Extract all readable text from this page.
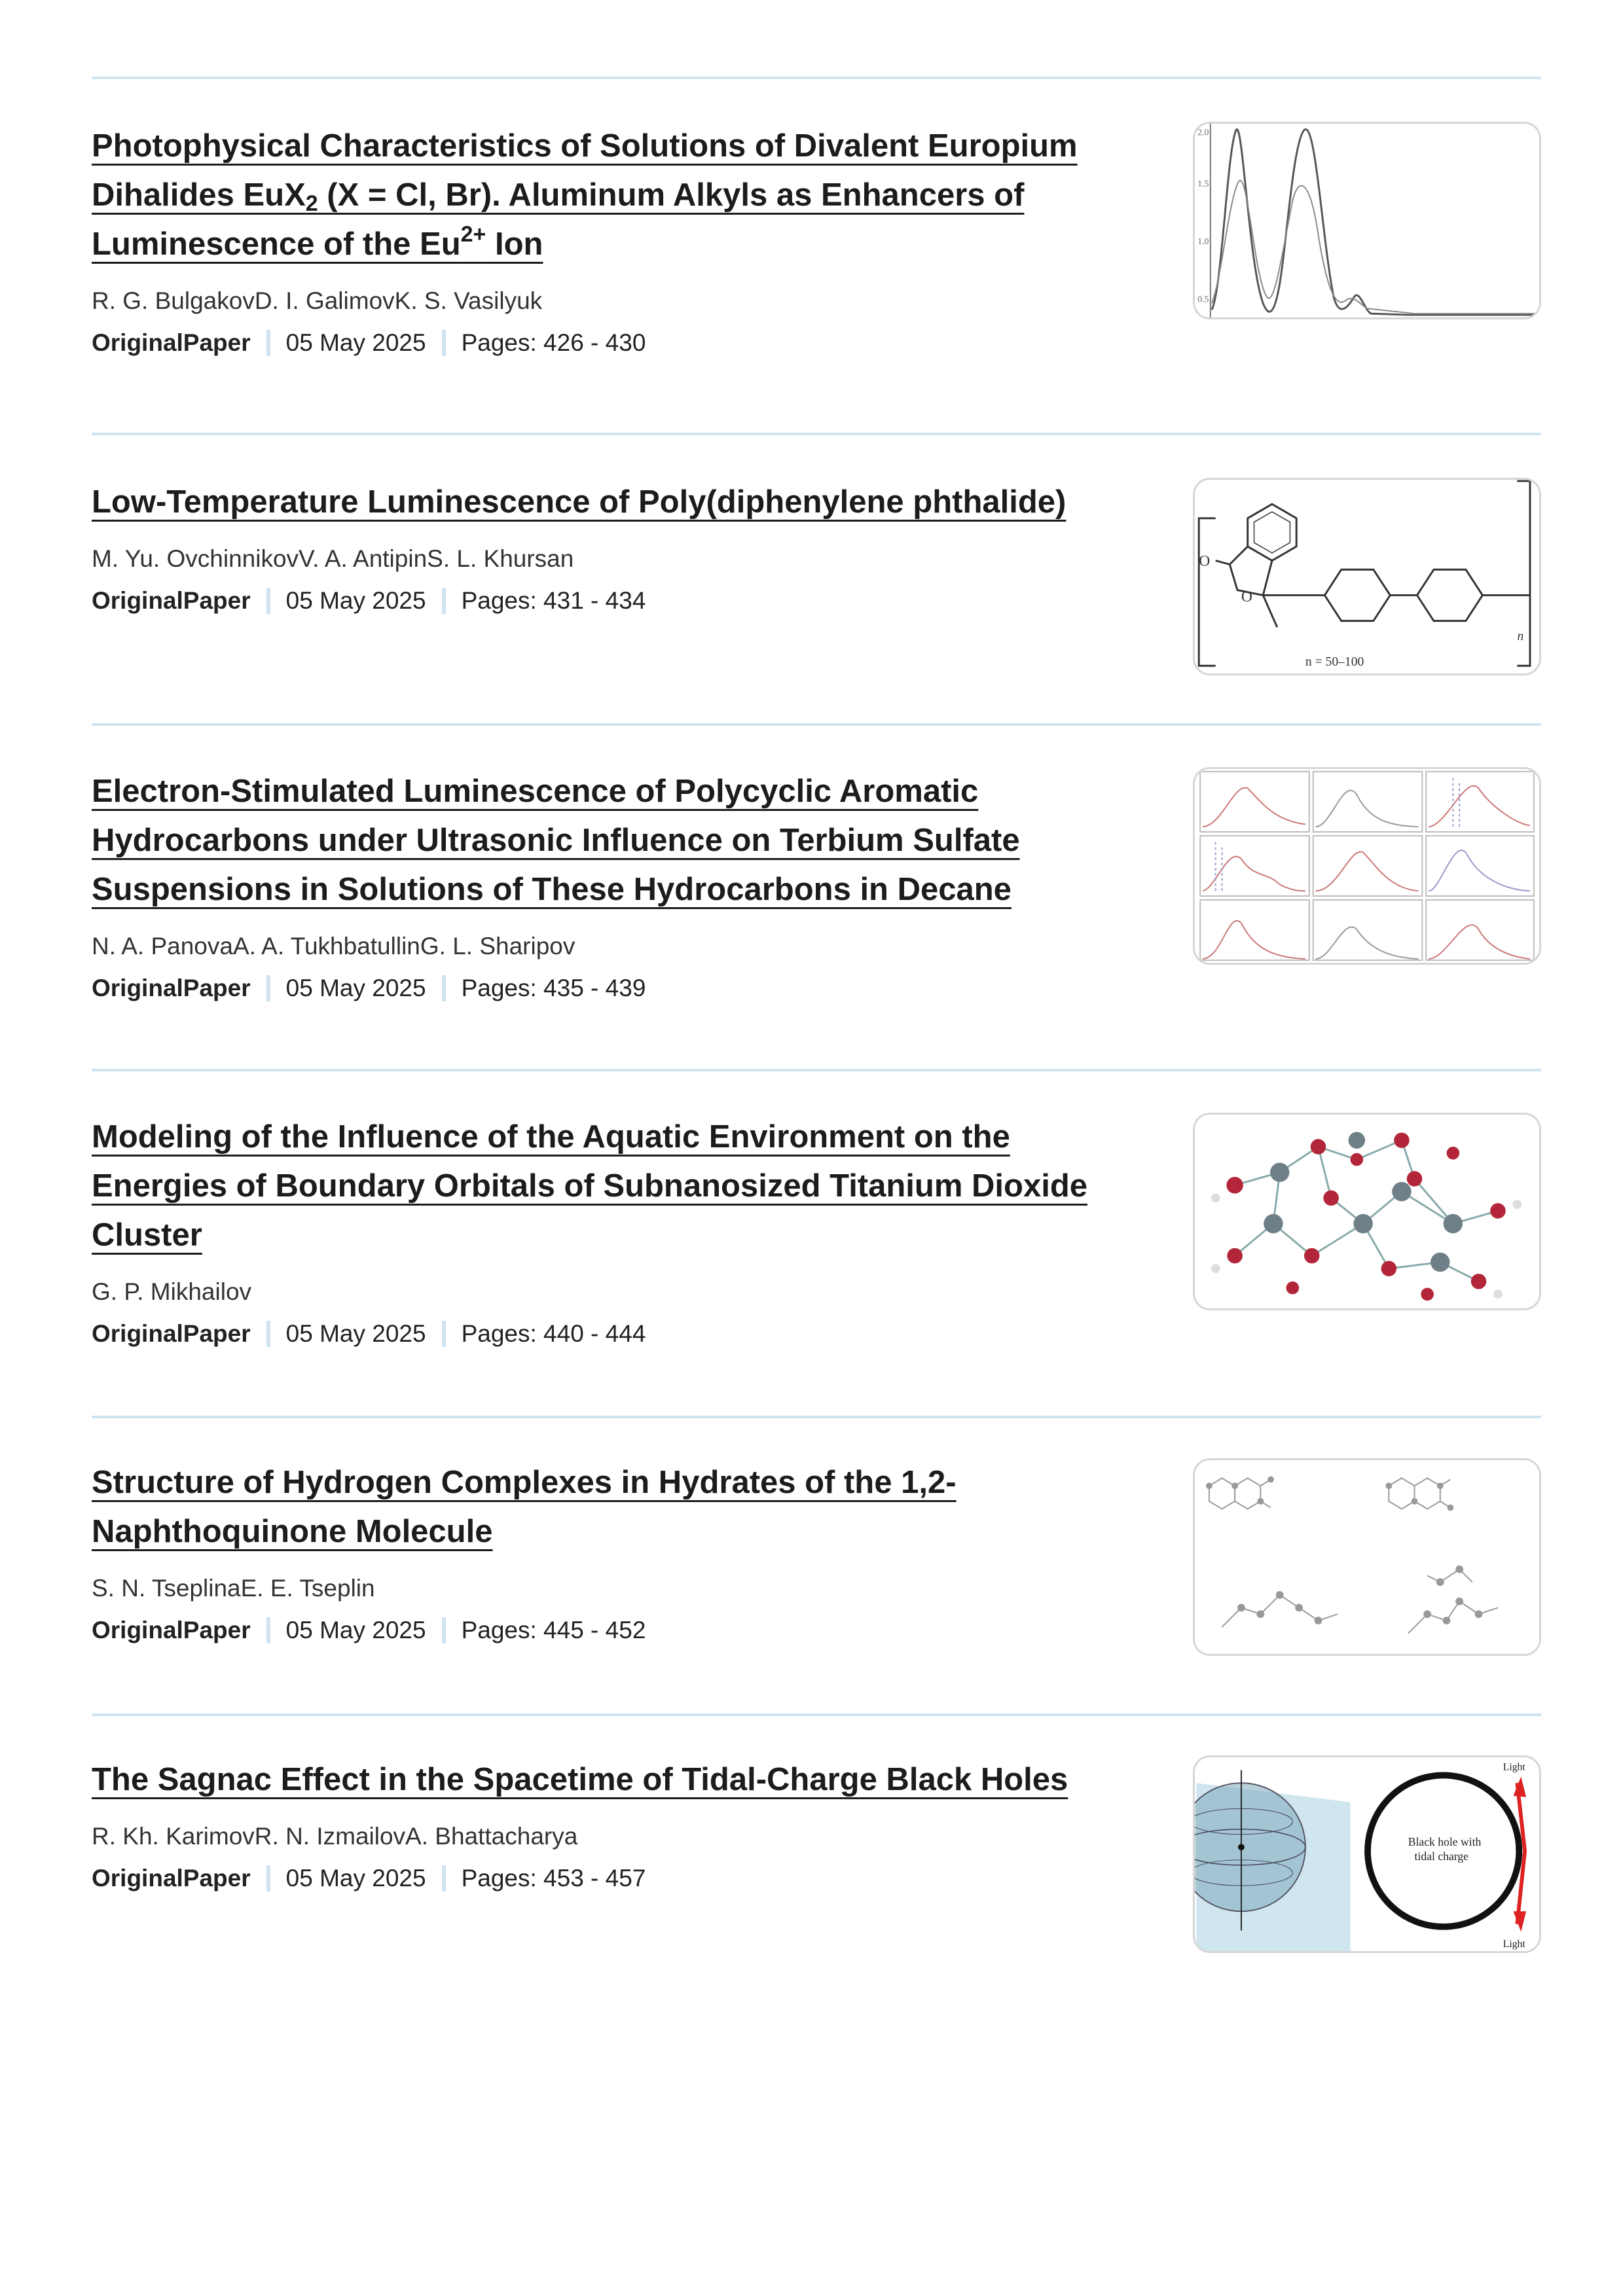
Photophysical Characteristics of Solutions of Divalent Europium Dihalides EuX$_2$ (X = Cl, Br). Aluminum Alkyls as Enhancers of Luminescence of the $Eu^{2+}$ Ion
R. G. BulgakovD. I. GalimovK. S. Vasilyuk
OriginalPaper 05 May 2025 Pages: 426 - 430
2.0
1.5
1.0
0.5
Low-Temperature Luminescence of Poly(diphenylene phthalide)
M. Yu. OvchinnikovV. A. AntipinS. L. Khursan
OriginalPaper 05 May 2025 Pages: 431 - 434
O
O
n
n = 50–100
Electron-Stimulated Luminescence of Polycyclic Aromatic Hydrocarbons under Ultrasonic Influence on Terbium Sulfate Suspensions in Solutions of These Hydrocarbons in Decane
N. A. PanovaA. A. TukhbatullinG. L. Sharipov
OriginalPaper 05 May 2025 Pages: 435 - 439
Modeling of the Influence of the Aquatic Environment on the Energies of Boundary Orbitals of Subnanosized Titanium Dioxide Cluster
G. P. Mikhailov
OriginalPaper 05 May 2025 Pages: 440 - 444
Structure of Hydrogen Complexes in Hydrates of the 1,2-Naphthoquinone Molecule
S. N. TseplinaE. E. Tseplin
OriginalPaper 05 May 2025 Pages: 445 - 452
The Sagnac Effect in the Spacetime of Tidal-Charge Black Holes
R. Kh. KarimovR. N. IzmailovA. Bhattacharya
OriginalPaper 05 May 2025 Pages: 453 - 457
Black hole with
tidal charge
Light
Light
